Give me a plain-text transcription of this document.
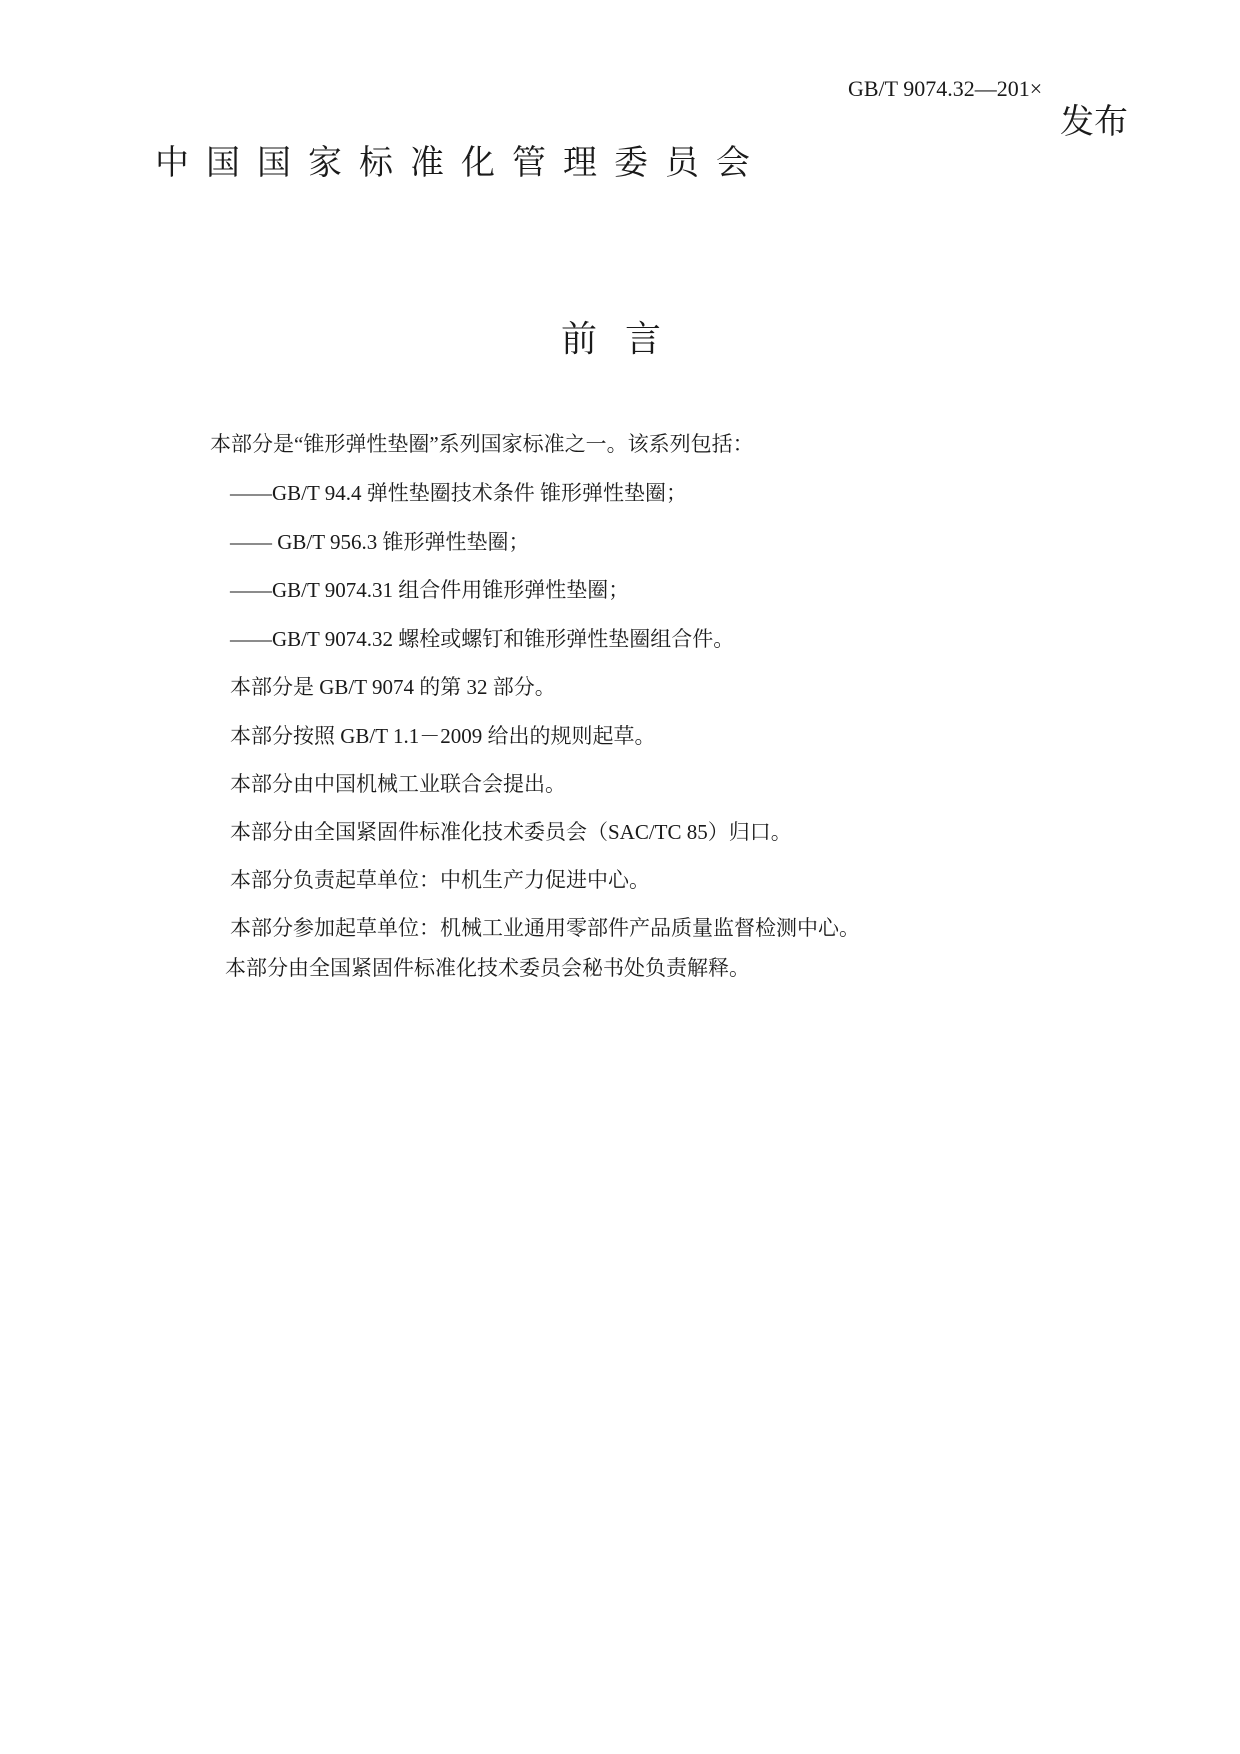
GB/T 9074.32—201×
发布
中国国家标准化管理委员会
前言
本部分是“锥形弹性垫圈”系列国家标准之一。该系列包括：
——GB/T 94.4 弹性垫圈技术条件 锥形弹性垫圈；
—— GB/T 956.3 锥形弹性垫圈；
——GB/T 9074.31 组合件用锥形弹性垫圈；
——GB/T 9074.32 螺栓或螺钉和锥形弹性垫圈组合件。
本部分是 GB/T 9074 的第 32 部分。
本部分按照 GB/T 1.1－2009 给出的规则起草。
本部分由中国机械工业联合会提出。
本部分由全国紧固件标准化技术委员会（SAC/TC 85）归口。
本部分负责起草单位：中机生产力促进中心。
本部分参加起草单位：机械工业通用零部件产品质量监督检测中心。
本部分由全国紧固件标准化技术委员会秘书处负责解释。
